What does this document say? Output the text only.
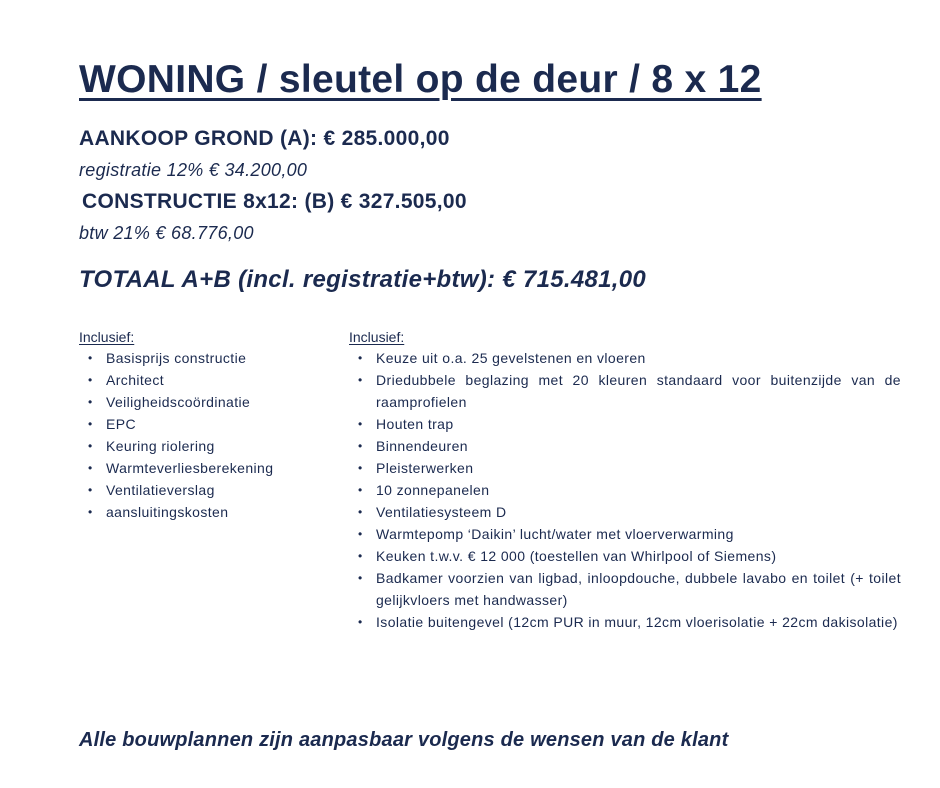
WONING / sleutel op de deur / 8 x 12

AANKOOP GROND (A): € 285.000,00

registratie 12% € 34.200,00

CONSTRUCTIE 8x12: (B) € 327.505,00

btw 21% € 68.776,00

TOTAAL A+B (incl. registratie+btw): € 715.481,00

Inclusief:

• Basisprijs constructie
• Architect
• Veiligheidscoördinatie
• EPC
• Keuring riolering
• Warmteverliesberekening
• Ventilatieverslag
• aansluitingskosten

Inclusief:

• Keuze uit o.a. 25 gevelstenen en vloeren
• Driedubbele beglazing met 20 kleuren standaard voor buitenzijde van de raamprofielen
• Houten trap
• Binnendeuren
• Pleisterwerken
• 10 zonnepanelen
• Ventilatiesysteem D
• Warmtepomp ‘Daikin’ lucht/water met vloerverwarming
• Keuken t.w.v. € 12 000 (toestellen van Whirlpool of Siemens)
• Badkamer voorzien van ligbad, inloopdouche, dubbele lavabo en toilet (+ toilet gelijkvloers met handwasser)
• Isolatie buitengevel (12cm PUR in muur, 12cm vloerisolatie + 22cm dakisolatie)

Alle bouwplannen zijn aanpasbaar volgens de wensen van de klant
